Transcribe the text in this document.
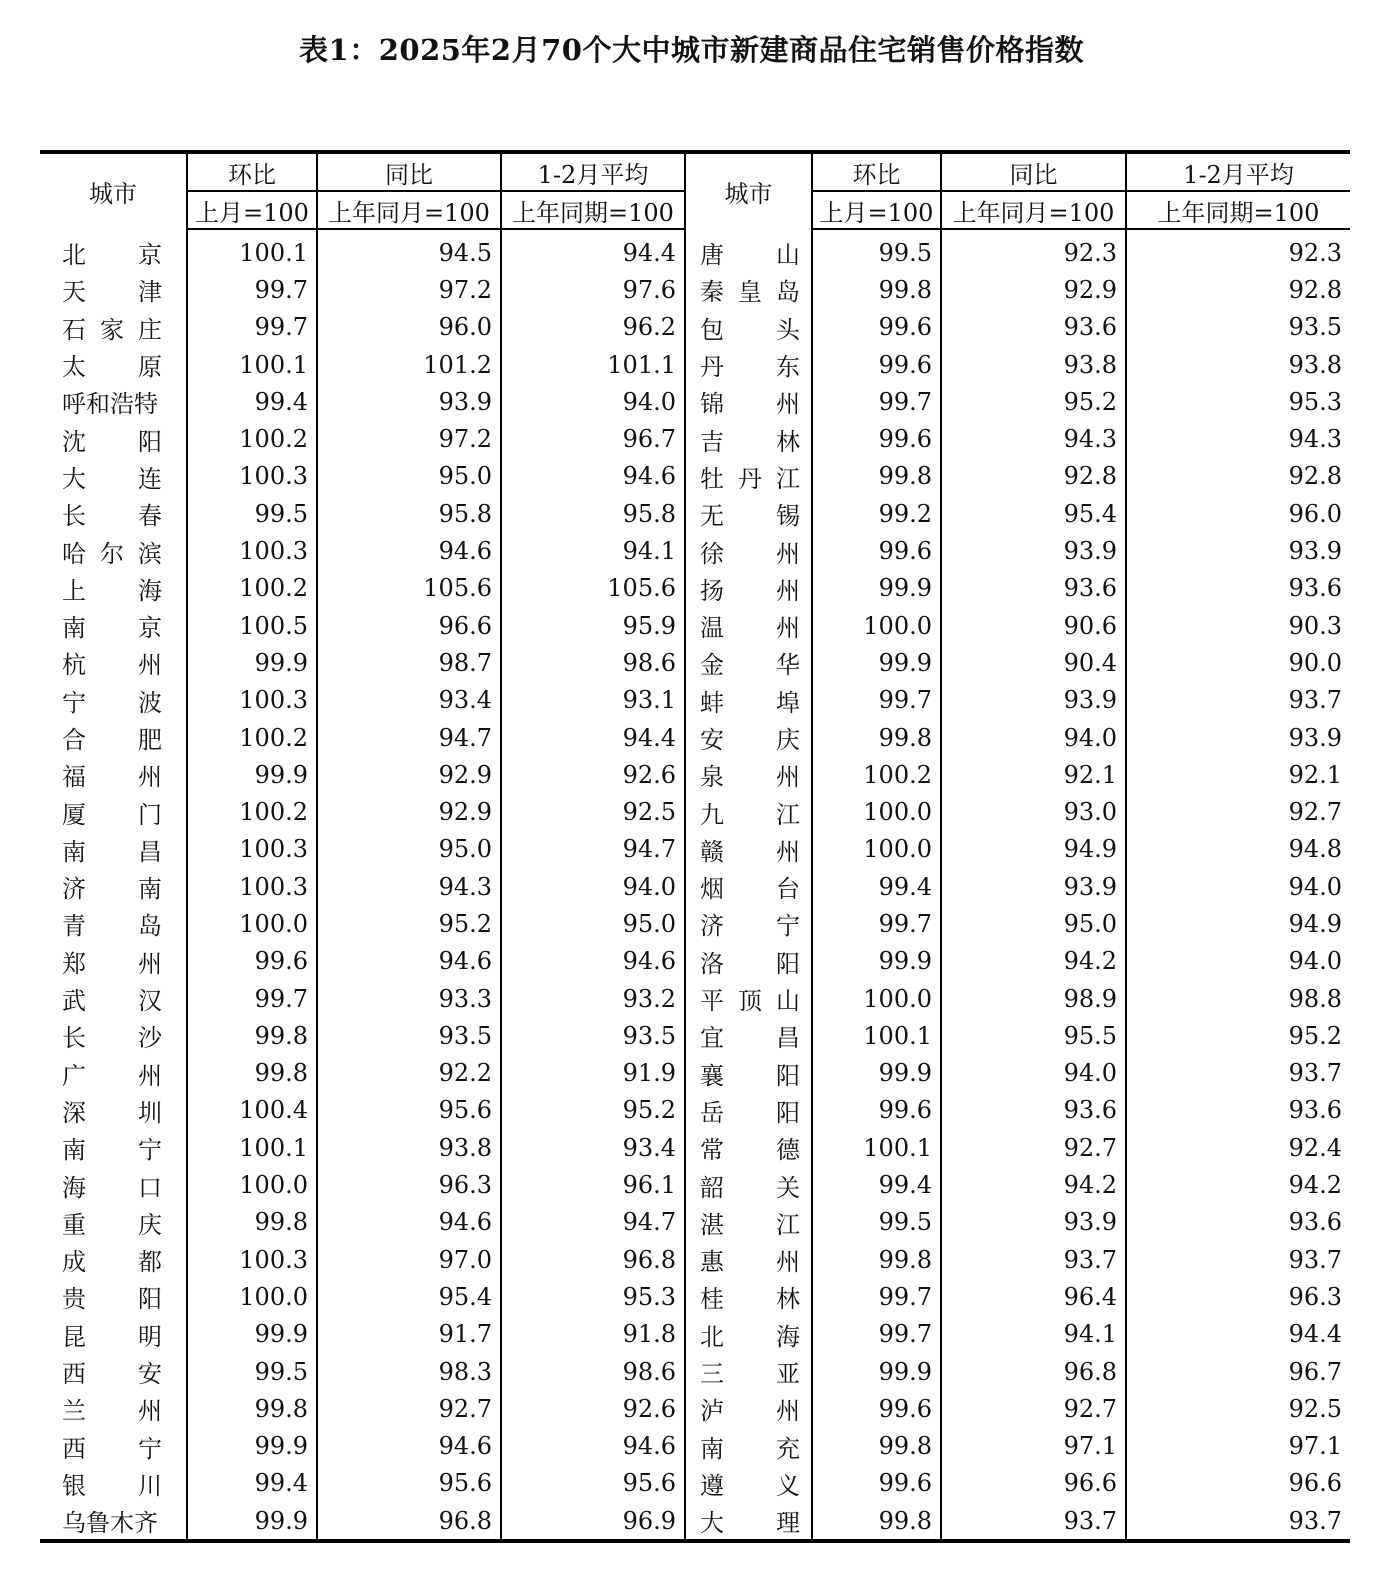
表1：2025年2月70个大中城市新建商品住宅销售价格指数
城市	环比	同比	1-2月平均	城市	环比	同比	1-2月平均
	上月=100	上年同月=100	上年同期=100		上月=100	上年同月=100	上年同期=100

北京	100.1	94.5	94.4	唐山	99.5	92.3	92.3

天津	99.7	97.2	97.6	秦皇岛	99.8	92.9	92.8

石家庄	99.7	96.0	96.2	包头	99.6	93.6	93.5

太原	100.1	101.2	101.1	丹东	99.6	93.8	93.8

呼和浩特	99.4	93.9	94.0	锦州	99.7	95.2	95.3

沈阳	100.2	97.2	96.7	吉林	99.6	94.3	94.3

大连	100.3	95.0	94.6	牡丹江	99.8	92.8	92.8

长春	99.5	95.8	95.8	无锡	99.2	95.4	96.0

哈尔滨	100.3	94.6	94.1	徐州	99.6	93.9	93.9

上海	100.2	105.6	105.6	扬州	99.9	93.6	93.6

南京	100.5	96.6	95.9	温州	100.0	90.6	90.3

杭州	99.9	98.7	98.6	金华	99.9	90.4	90.0

宁波	100.3	93.4	93.1	蚌埠	99.7	93.9	93.7

合肥	100.2	94.7	94.4	安庆	99.8	94.0	93.9

福州	99.9	92.9	92.6	泉州	100.2	92.1	92.1

厦门	100.2	92.9	92.5	九江	100.0	93.0	92.7

南昌	100.3	95.0	94.7	赣州	100.0	94.9	94.8

济南	100.3	94.3	94.0	烟台	99.4	93.9	94.0

青岛	100.0	95.2	95.0	济宁	99.7	95.0	94.9

郑州	99.6	94.6	94.6	洛阳	99.9	94.2	94.0

武汉	99.7	93.3	93.2	平顶山	100.0	98.9	98.8

长沙	99.8	93.5	93.5	宜昌	100.1	95.5	95.2

广州	99.8	92.2	91.9	襄阳	99.9	94.0	93.7

深圳	100.4	95.6	95.2	岳阳	99.6	93.6	93.6

南宁	100.1	93.8	93.4	常德	100.1	92.7	92.4

海口	100.0	96.3	96.1	韶关	99.4	94.2	94.2

重庆	99.8	94.6	94.7	湛江	99.5	93.9	93.6

成都	100.3	97.0	96.8	惠州	99.8	93.7	93.7

贵阳	100.0	95.4	95.3	桂林	99.7	96.4	96.3

昆明	99.9	91.7	91.8	北海	99.7	94.1	94.4

西安	99.5	98.3	98.6	三亚	99.9	96.8	96.7

兰州	99.8	92.7	92.6	泸州	99.6	92.7	92.5

西宁	99.9	94.6	94.6	南充	99.8	97.1	97.1

银川	99.4	95.6	95.6	遵义	99.6	96.6	96.6

乌鲁木齐	99.9	96.8	96.9	大理	99.8	93.7	93.7
